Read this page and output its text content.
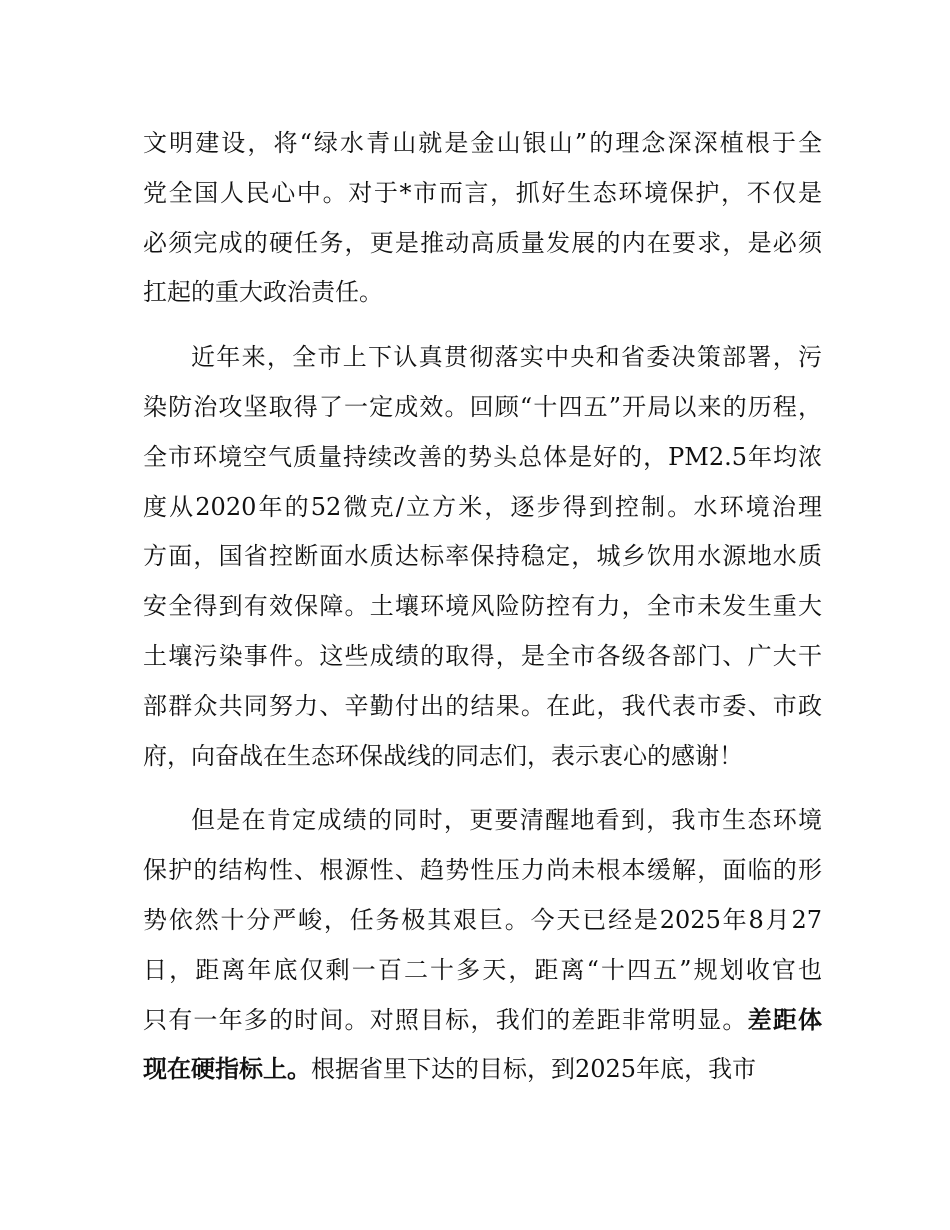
文明建设，将“绿水青山就是金山银山”的理念深深植根于全
党全国人民心中。对于*市而言，抓好生态环境保护，不仅是
必须完成的硬任务，更是推动高质量发展的内在要求，是必须
扛起的重大政治责任。
近年来，全市上下认真贯彻落实中央和省委决策部署，污
染防治攻坚取得了一定成效。回顾“十四五”开局以来的历程，
全市环境空气质量持续改善的势头总体是好的，PM2.5年均浓
度从2020年的52微克/立方米，逐步得到控制。水环境治理
方面，国省控断面水质达标率保持稳定，城乡饮用水源地水质
安全得到有效保障。土壤环境风险防控有力，全市未发生重大
土壤污染事件。这些成绩的取得，是全市各级各部门、广大干
部群众共同努力、辛勤付出的结果。在此，我代表市委、市政
府，向奋战在生态环保战线的同志们，表示衷心的感谢！
但是在肯定成绩的同时，更要清醒地看到，我市生态环境
保护的结构性、根源性、趋势性压力尚未根本缓解，面临的形
势依然十分严峻，任务极其艰巨。今天已经是2025年8月27
日，距离年底仅剩一百二十多天，距离“十四五”规划收官也
只有一年多的时间。对照目标，我们的差距非常明显。差距体
现在硬指标上。根据省里下达的目标，到2025年底，我市
